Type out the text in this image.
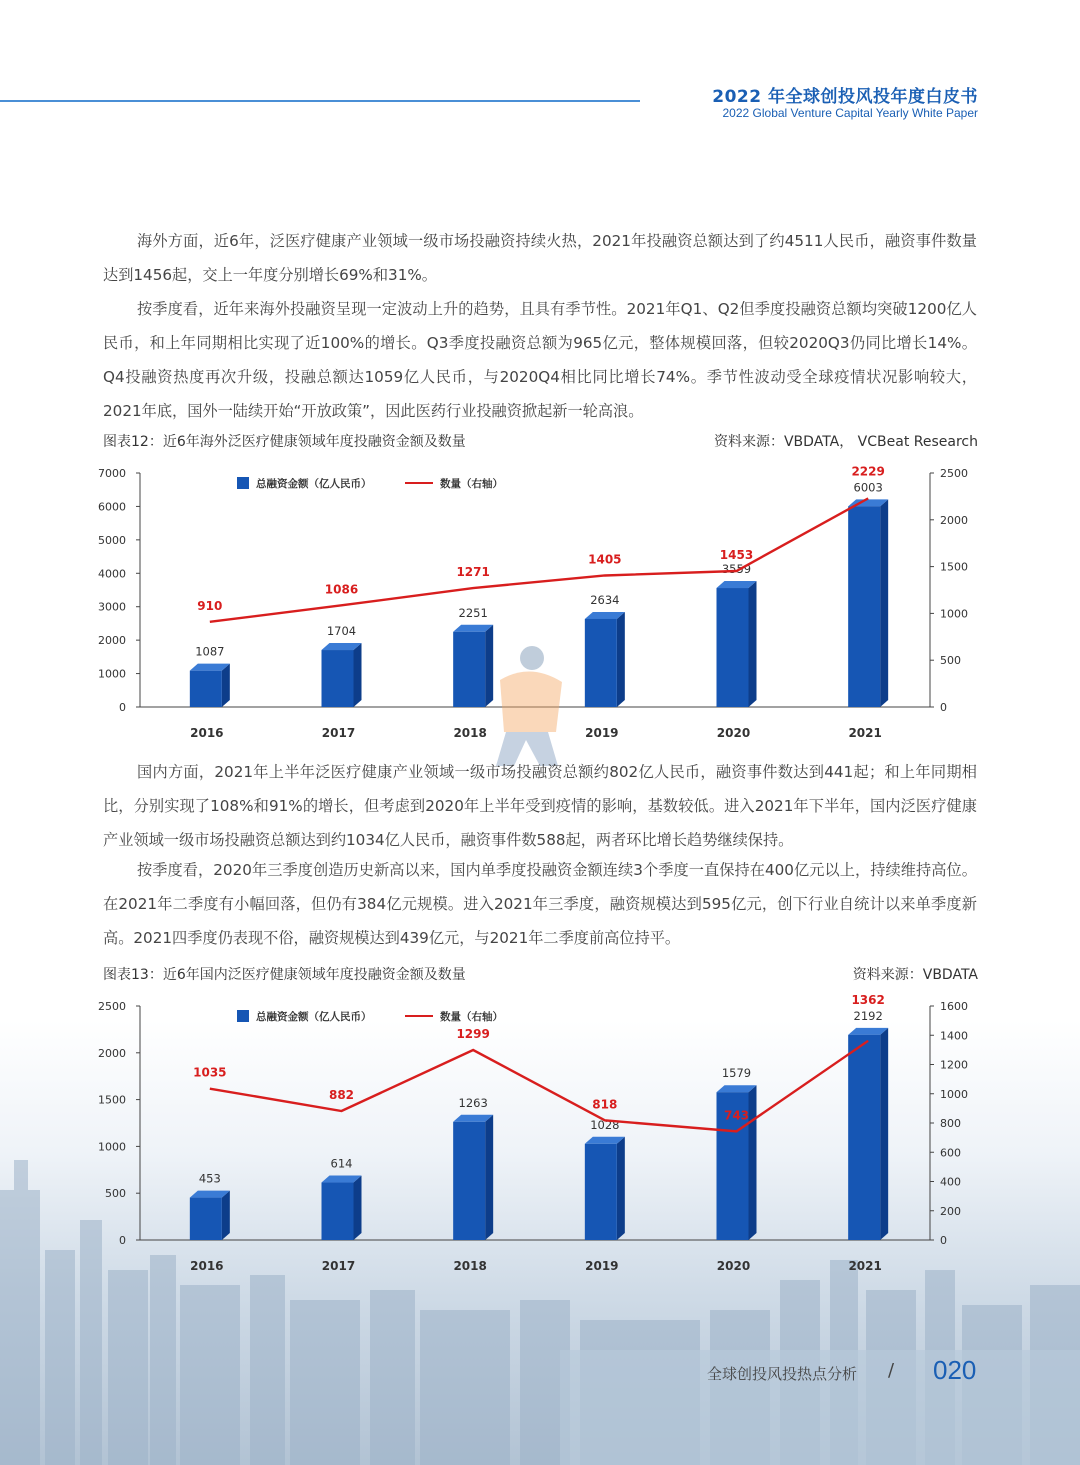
2022 年全球创投风投年度白皮书
2022 Global Venture Capital Yearly White Paper

海外方面，近6年，泛医疗健康产业领域一级市场投融资持续火热，2021年投融资总额达到了约4511人民币，融资事件数量达到1456起，交上一年度分别增长69%和31%。

按季度看，近年来海外投融资呈现一定波动上升的趋势，且具有季节性。2021年Q1、Q2但季度投融资总额均突破1200亿人民币，和上年同期相比实现了近100%的增长。Q3季度投融资总额为965亿元，整体规模回落，但较2020Q3仍同比增长14%。Q4投融资热度再次升级，投融总额达1059亿人民币，与2020Q4相比同比增长74%。季节性波动受全球疫情状况影响较大，2021年底，国外一陆续开始“开放政策”，因此医药行业投融资掀起新一轮高浪。

图表12：近6年海外泛医疗健康领域年度投融资金额及数量	资料来源：VBDATA， VCBeat Research
0
1000
2000
3000
4000
5000
6000
7000
0
500
1000
1500
2000
2500
总融资金额（亿人民币）	数量（右轴）
1087
2016
1704
2017
2251
2018
2634
2019
3559
2020
6003
2021
910
1086
1271
1405	1453
2229

国内方面，2021年上半年泛医疗健康产业领域一级市场投融资总额约802亿人民币，融资事件数达到441起；和上年同期相比，分别实现了108%和91%的增长，但考虑到2020年上半年受到疫情的影响，基数较低。进入2021年下半年，国内泛医疗健康产业领域一级市场投融资总额达到约1034亿人民币，融资事件数588起，两者环比增长趋势继续保持。

按季度看，2020年三季度创造历史新高以来，国内单季度投融资金额连续3个季度一直保持在400亿元以上，持续维持高位。在2021年二季度有小幅回落，但仍有384亿元规模。进入2021年三季度，融资规模达到595亿元，创下行业自统计以来单季度新高。2021四季度仍表现不俗，融资规模达到439亿元，与2021年二季度前高位持平。

图表13：近6年国内泛医疗健康领域年度投融资金额及数量	资料来源：VBDATA
0
500
1000
1500
2000
2500
0
200
400
600
800
1000
1200
1400
1600
总融资金额（亿人民币）	数量（右轴）
453
2016
614
2017
1263
2018
1028
2019
1579
2020
2192
2021
1035
882
1299
818
743
1362
全球创投风投热点分析 / 020
